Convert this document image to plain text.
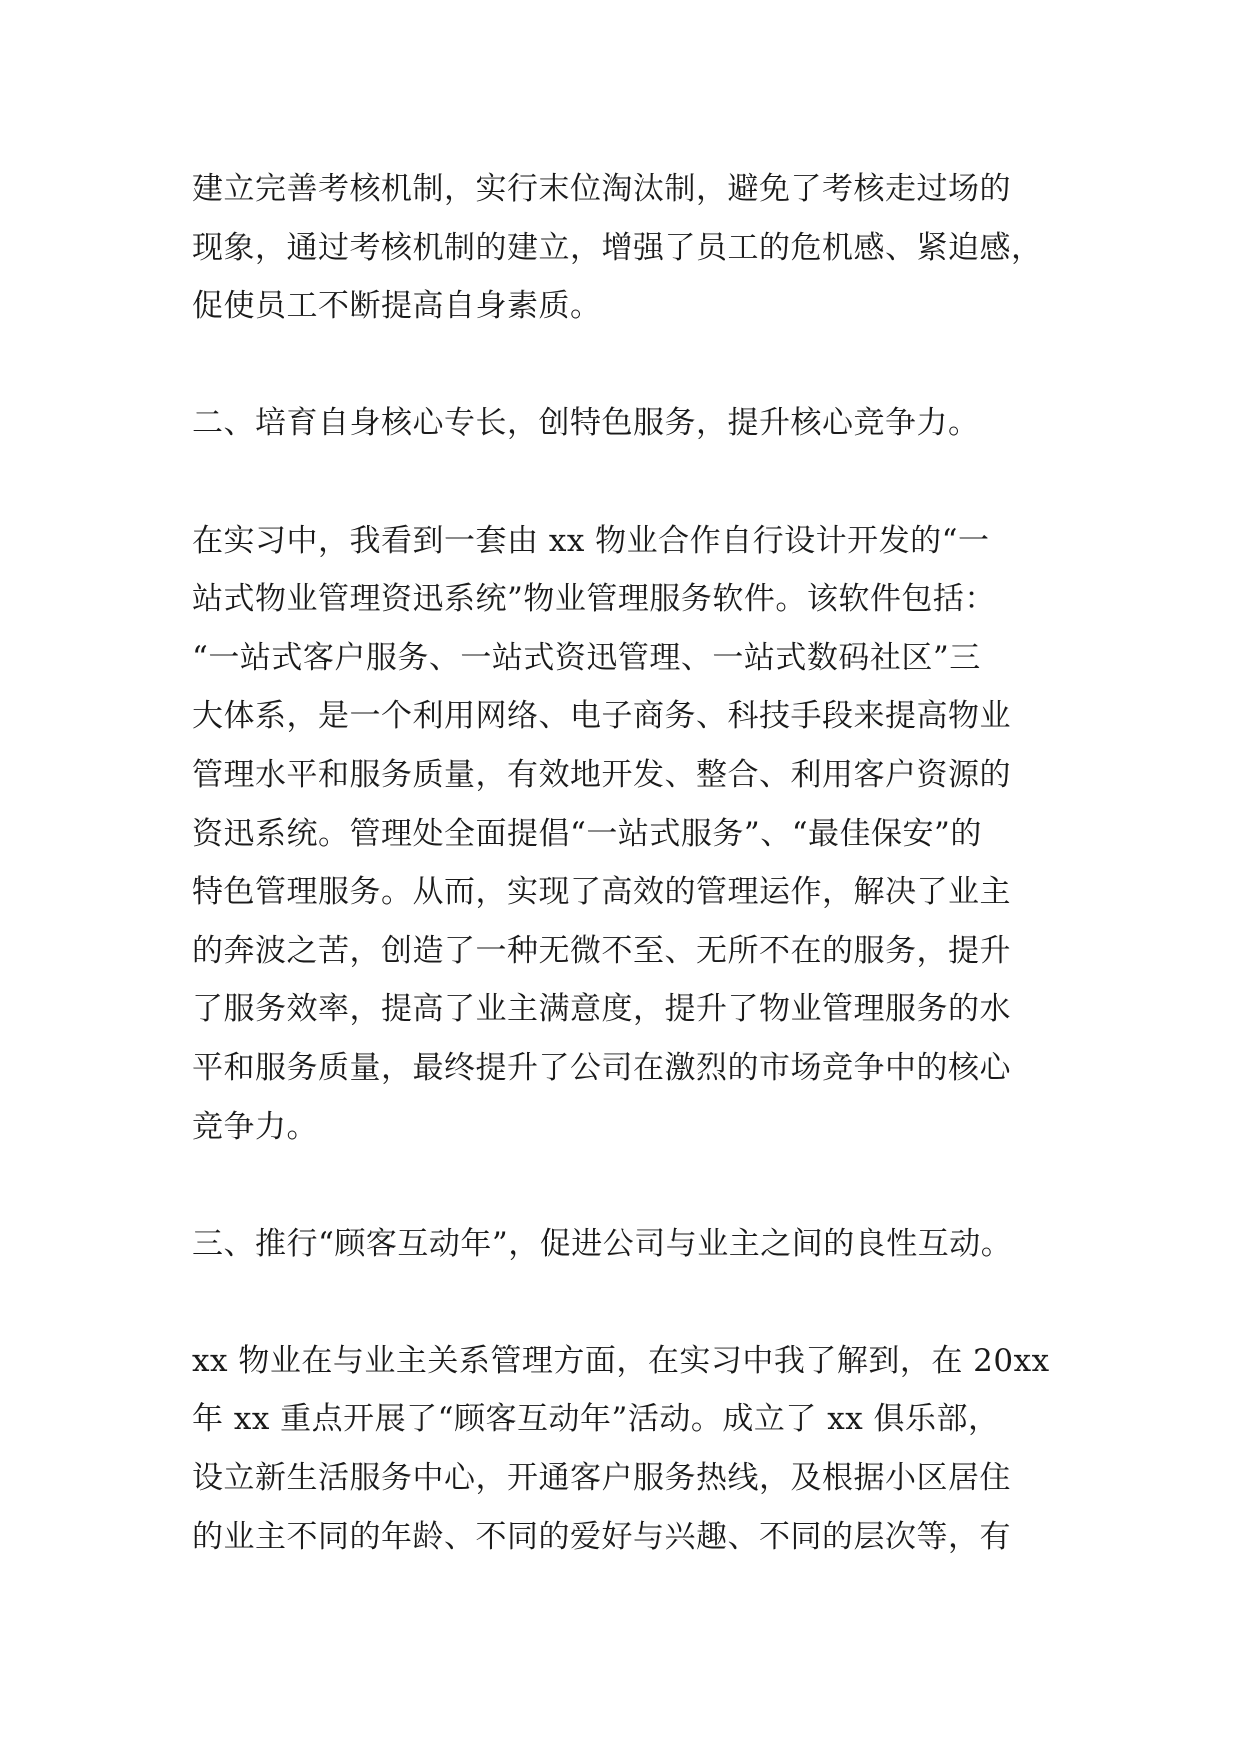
建立完善考核机制，实行末位淘汰制，避免了考核走过场的
现象，通过考核机制的建立，增强了员工的危机感、紧迫感，
促使员工不断提高自身素质。
二、培育自身核心专长，创特色服务，提升核心竞争力。
在实习中，我看到一套由 xx 物业合作自行设计开发的“一
站式物业管理资迅系统”物业管理服务软件。该软件包括：
“一站式客户服务、一站式资迅管理、一站式数码社区”三
大体系，是一个利用网络、电子商务、科技手段来提高物业
管理水平和服务质量，有效地开发、整合、利用客户资源的
资迅系统。管理处全面提倡“一站式服务”、“最佳保安”的
特色管理服务。从而，实现了高效的管理运作，解决了业主
的奔波之苦，创造了一种无微不至、无所不在的服务，提升
了服务效率，提高了业主满意度，提升了物业管理服务的水
平和服务质量，最终提升了公司在激烈的市场竞争中的核心
竞争力。
三、推行“顾客互动年”，促进公司与业主之间的良性互动。
xx 物业在与业主关系管理方面，在实习中我了解到，在 20xx
年 xx 重点开展了“顾客互动年”活动。成立了 xx 俱乐部，
设立新生活服务中心，开通客户服务热线，及根据小区居住
的业主不同的年龄、不同的爱好与兴趣、不同的层次等，有
